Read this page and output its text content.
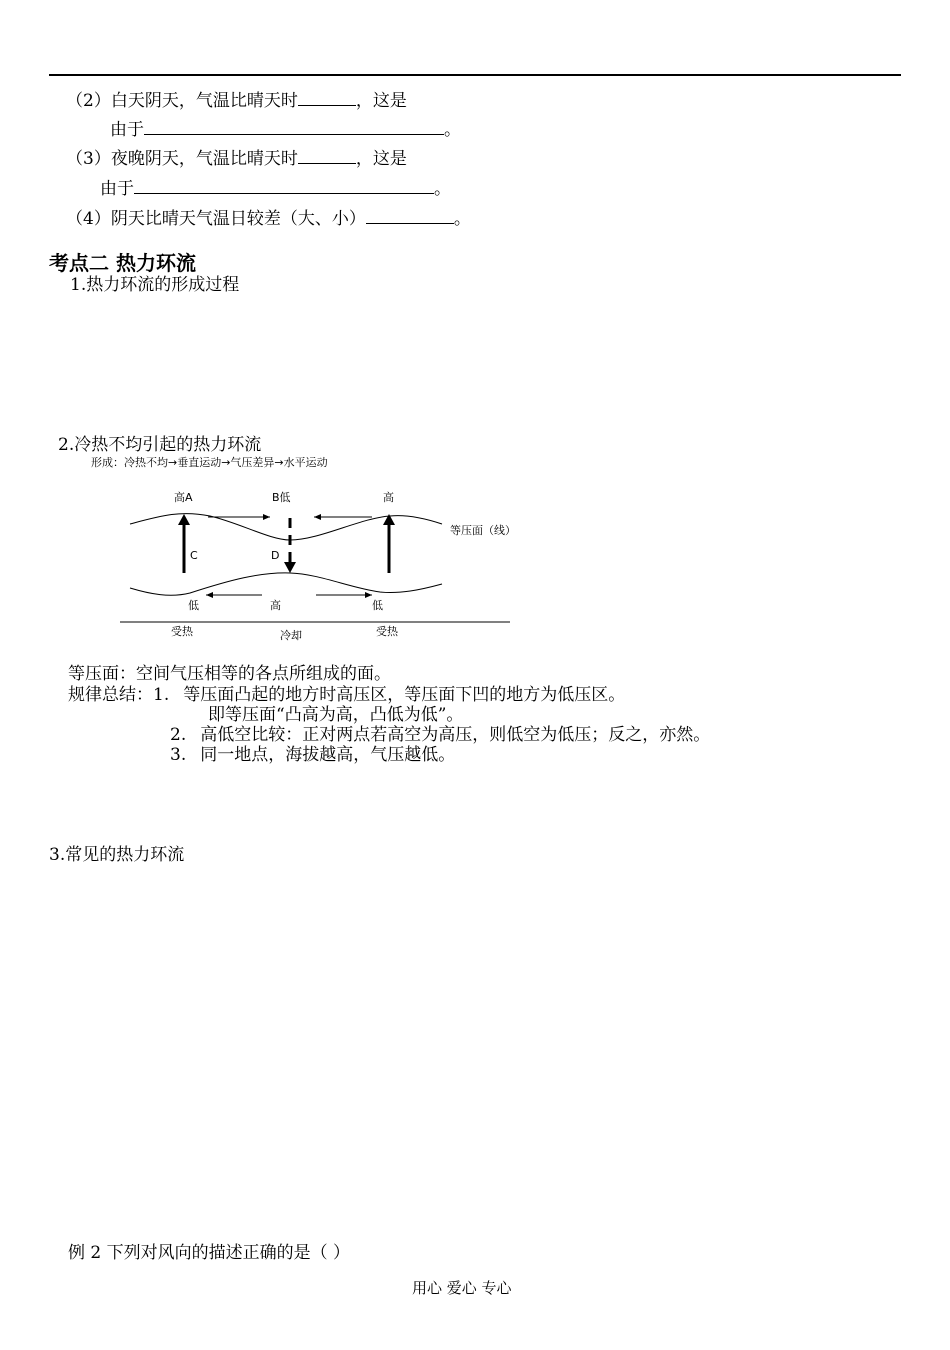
（2）白天阴天，气温比晴天时	，这是
由于	。
（3）夜晚阴天，气温比晴天时	，这是
由于	。
（4）阴天比晴天气温日较差（大、小）	。
考点二 热力环流
1.热力环流的形成过程
2.冷热不均引起的热力环流
形成：冷热不均→垂直运动→气压差异→水平运动
高A	B低	高
等压面（线）
C	D
低	高	低
受热	冷却	受热
等压面：空间气压相等的各点所组成的面。
规律总结：1. 等压面凸起的地方时高压区，等压面下凹的地方为低压区。
即等压面“凸高为高，凸低为低”。
2. 高低空比较：正对两点若高空为高压，则低空为低压；反之，亦然。
3. 同一地点，海拔越高，气压越低。
3.常见的热力环流
例 2 下列对风向的描述正确的是（ ）
用心 爱心 专心
